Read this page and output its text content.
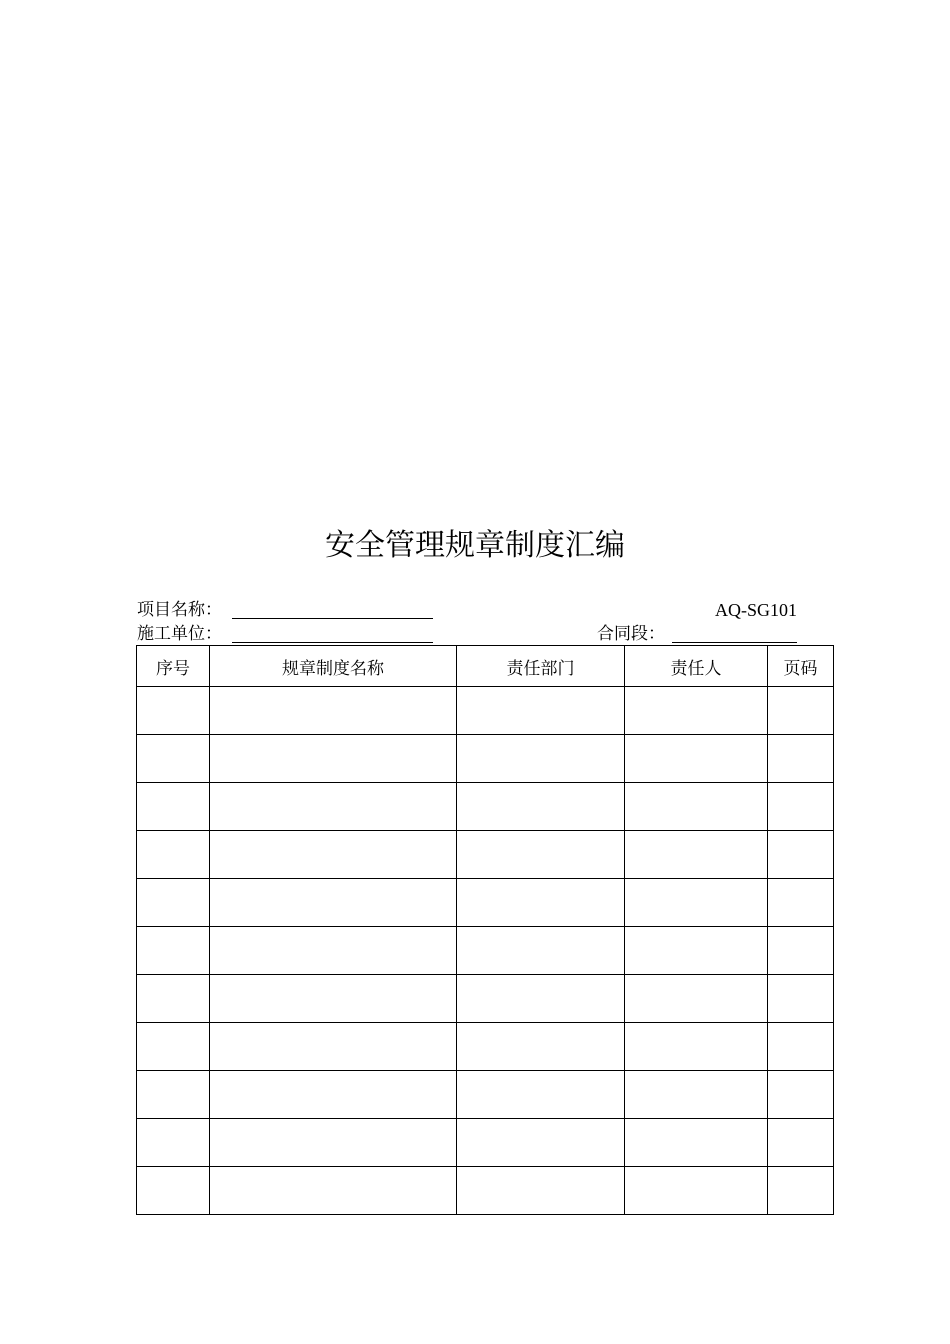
安全管理规章制度汇编
项目名称：	AQ-SG101
施工单位：	合同段：
序号	规章制度名称	责任部门	责任人	页码
